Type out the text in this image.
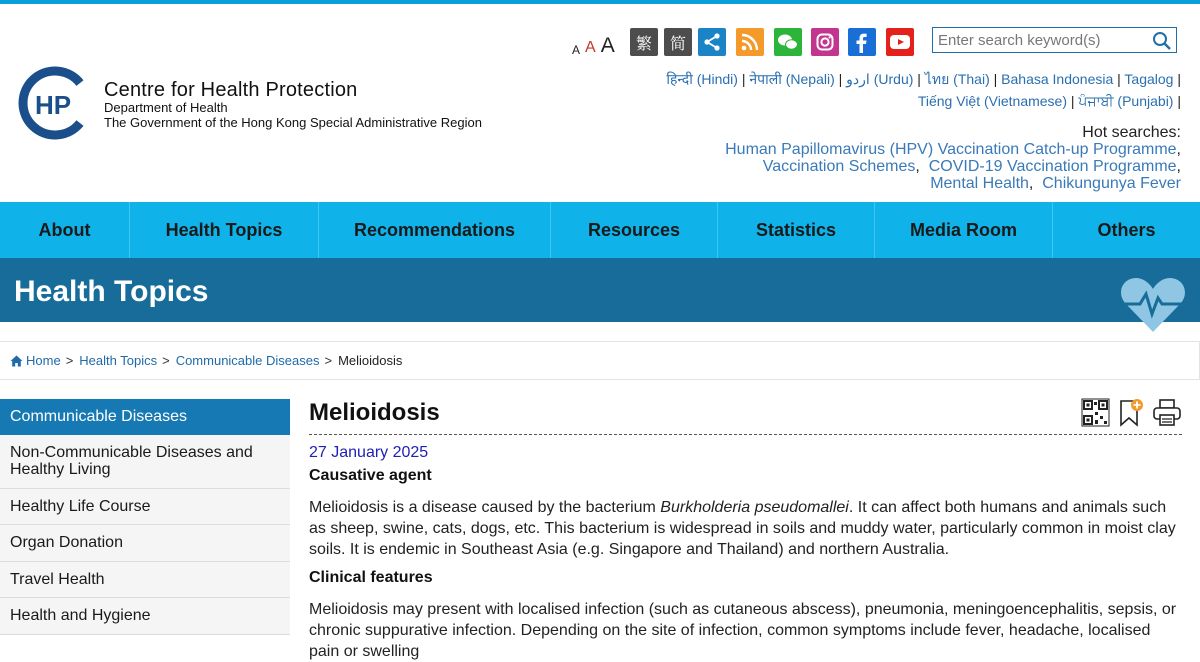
HP Centre for Health Protection
Department of Health
The Government of the Hong Kong Special Administrative Region
A A A	繁	简
Enter search keyword(s)
हिन्दी (Hindi) | नेपाली (Nepali) | اردو (Urdu) | ไทย (Thai) | Bahasa Indonesia | Tagalog |
Tiếng Việt (Vietnamese) | ਪੰਜਾਬੀ (Punjabi) |
Hot searches:
Human Papillomavirus (HPV) Vaccination Catch-up Programme,
Vaccination Schemes,  COVID-19 Vaccination Programme,
Mental Health,  Chikungunya Fever
About	Health Topics	Recommendations	Resources	Statistics	Media Room	Others
Health Topics
Home > Health Topics > Communicable Diseases > Melioidosis
Communicable Diseases
Non-Communicable Diseases and Healthy Living
Healthy Life Course
Organ Donation
Travel Health
Health and Hygiene
Melioidosis
27 January 2025
Causative agent

Melioidosis is a disease caused by the bacterium Burkholderia pseudomallei. It can affect both humans and animals such as sheep, swine, cats, dogs, etc. This bacterium is widespread in soils and muddy water, particularly common in moist clay soils. It is endemic in Southeast Asia (e.g. Singapore and Thailand) and northern Australia.

Clinical features

Melioidosis may present with localised infection (such as cutaneous abscess), pneumonia, meningoencephalitis, sepsis, or chronic suppurative infection. Depending on the site of infection, common symptoms include fever, headache, localised pain or swelling
